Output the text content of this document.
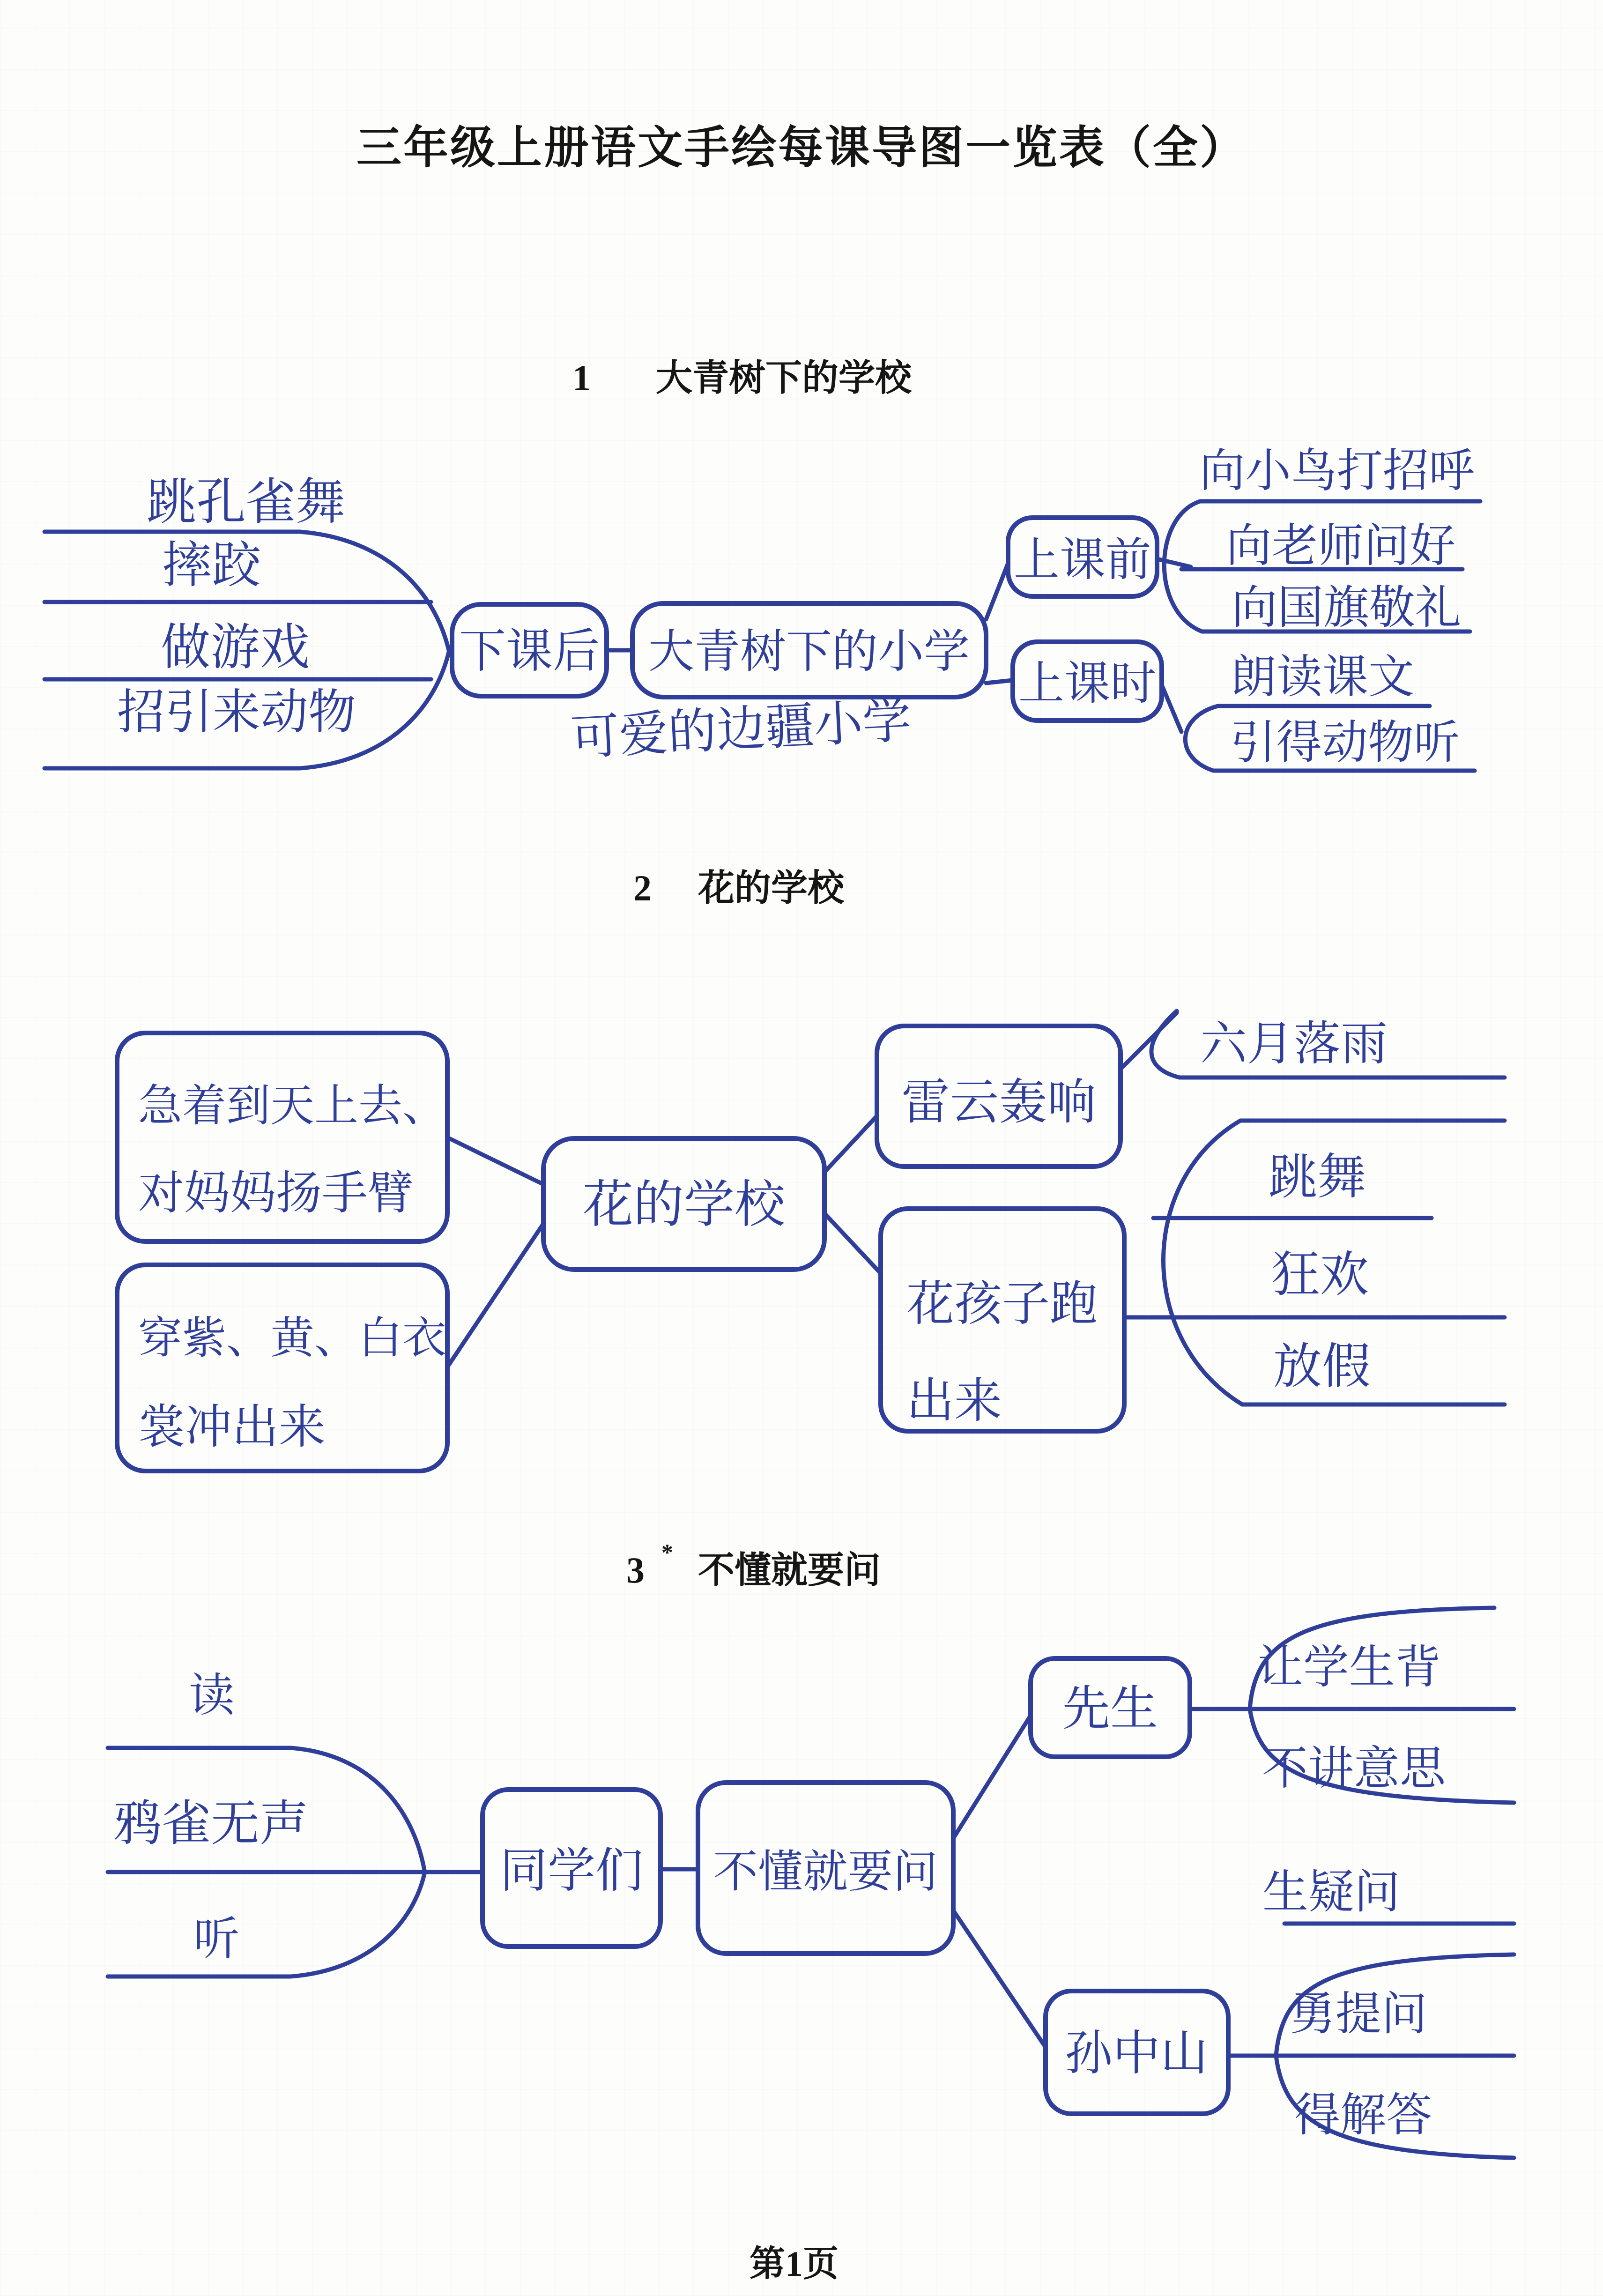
三年级上册语文手绘每课导图一览表（全）
1 大青树下的学校
跳孔雀舞
摔跤
做游戏
招引来动物
下课后 大青树下的小学
可爱的边疆小学
上课前
上课时
向小鸟打招呼
向老师问好
向国旗敬礼
朗读课文
引得动物听
2 花的学校
急着到天上去、
对妈妈扬手臂
穿紫、黄、白衣
裳冲出来
花的学校
雷云轰响
六月落雨
花孩子跑
出来
跳舞
狂欢
放假
3 * 不懂就要问
读
鸦雀无声
听
同学们 不懂就要问
先生
孙中山
让学生背
不讲意思
生疑问
勇提问
得解答
第1页
